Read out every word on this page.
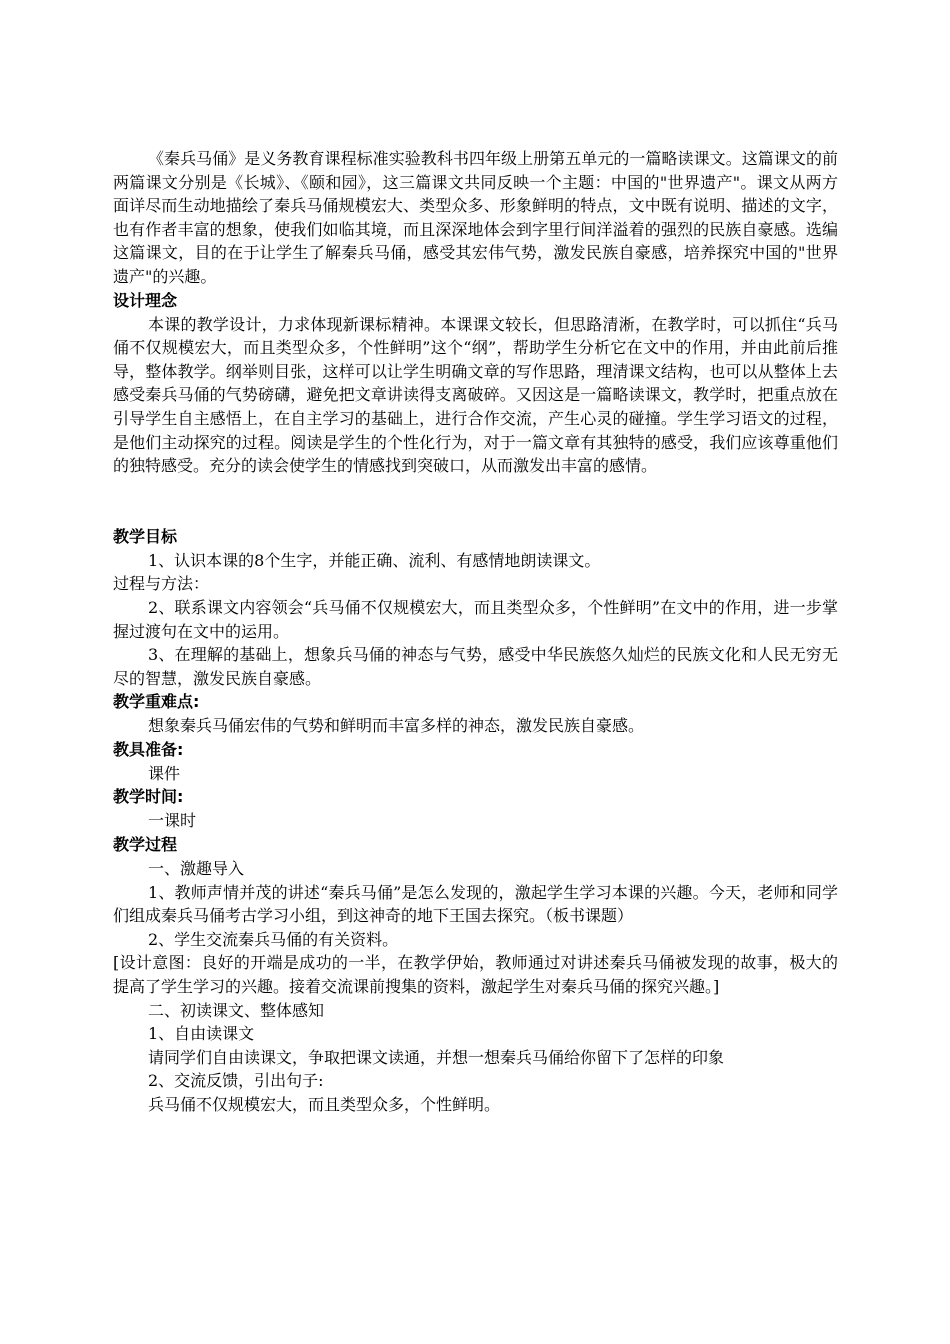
《秦兵马俑》是义务教育课程标准实验教科书四年级上册第五单元的一篇略读课文。这篇课文的前两篇课文分别是《长城》、《颐和园》，这三篇课文共同反映一个主题：中国的"世界遗产"。课文从两方面详尽而生动地描绘了秦兵马俑规模宏大、类型众多、形象鲜明的特点，文中既有说明、描述的文字，也有作者丰富的想象，使我们如临其境，而且深深地体会到字里行间洋溢着的强烈的民族自豪感。选编这篇课文，目的在于让学生了解秦兵马俑，感受其宏伟气势，激发民族自豪感，培养探究中国的"世界遗产"的兴趣。

设计理念

本课的教学设计，力求体现新课标精神。本课课文较长，但思路清淅，在教学时，可以抓住“兵马俑不仅规模宏大，而且类型众多，个性鲜明”这个“纲”，帮助学生分析它在文中的作用，并由此前后推导，整体教学。纲举则目张，这样可以让学生明确文章的写作思路，理清课文结构，也可以从整体上去感受秦兵马俑的气势磅礴，避免把文章讲读得支离破碎。又因这是一篇略读课文，教学时，把重点放在引导学生自主感悟上，在自主学习的基础上，进行合作交流，产生心灵的碰撞。学生学习语文的过程，是他们主动探究的过程。阅读是学生的个性化行为，对于一篇文章有其独特的感受，我们应该尊重他们的独特感受。充分的读会使学生的情感找到突破口，从而激发出丰富的感情。

教学目标

1、认识本课的8个生字，并能正确、流利、有感情地朗读课文。

过程与方法：

2、联系课文内容领会“兵马俑不仅规模宏大，而且类型众多，个性鲜明”在文中的作用，进一步掌握过渡句在文中的运用。

3、在理解的基础上，想象兵马俑的神态与气势，感受中华民族悠久灿烂的民族文化和人民无穷无尽的智慧，激发民族自豪感。

教学重难点:

想象秦兵马俑宏伟的气势和鲜明而丰富多样的神态，激发民族自豪感。

教具准备:

课件

教学时间:

一课时

教学过程

一、激趣导入

1、教师声情并茂的讲述“秦兵马俑”是怎么发现的，激起学生学习本课的兴趣。今天，老师和同学们组成秦兵马俑考古学习小组，到这神奇的地下王国去探究。（板书课题）

2、学生交流秦兵马俑的有关资料。

[设计意图：良好的开端是成功的一半，在教学伊始，教师通过对讲述秦兵马俑被发现的故事，极大的提高了学生学习的兴趣。接着交流课前搜集的资料，激起学生对秦兵马俑的探究兴趣。]

二、初读课文、整体感知

1、自由读课文

请同学们自由读课文，争取把课文读通，并想一想秦兵马俑给你留下了怎样的印象

2、交流反馈，引出句子:

兵马俑不仅规模宏大，而且类型众多，个性鲜明。
